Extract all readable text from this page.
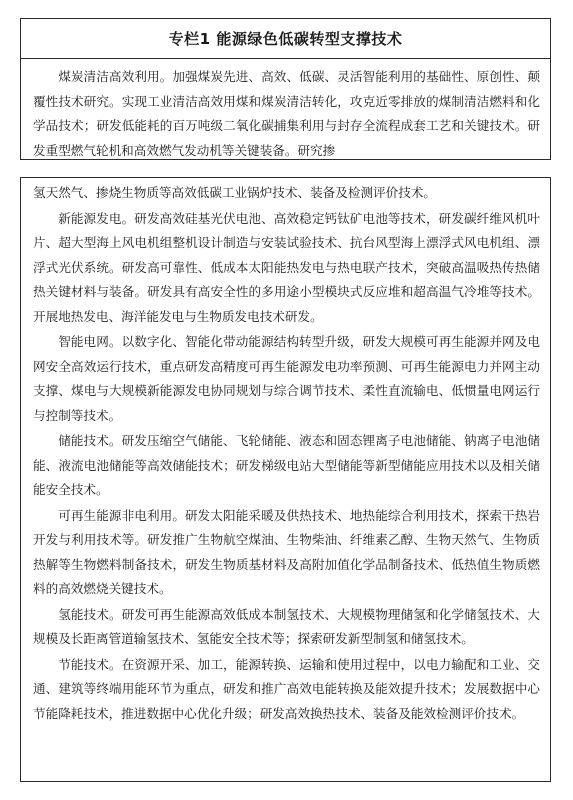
专栏1 能源绿色低碳转型支撑技术

煤炭清洁高效利用。加强煤炭先进、高效、低碳、灵活智能利用的基础性、原创性、颠覆性技术研究。实现工业清洁高效用煤和煤炭清洁转化，攻克近零排放的煤制清洁燃料和化学品技术；研发低能耗的百万吨级二氧化碳捕集利用与封存全流程成套工艺和关键技术。研发重型燃气轮机和高效燃气发动机等关键装备。研究掺

氢天然气、掺烧生物质等高效低碳工业锅炉技术、装备及检测评价技术。

新能源发电。研发高效硅基光伏电池、高效稳定钙钛矿电池等技术，研发碳纤维风机叶片、超大型海上风电机组整机设计制造与安装试验技术、抗台风型海上漂浮式风电机组、漂浮式光伏系统。研发高可靠性、低成本太阳能热发电与热电联产技术，突破高温吸热传热储热关键材料与装备。研发具有高安全性的多用途小型模块式反应堆和超高温气冷堆等技术。开展地热发电、海洋能发电与生物质发电技术研发。

智能电网。以数字化、智能化带动能源结构转型升级，研发大规模可再生能源并网及电网安全高效运行技术，重点研发高精度可再生能源发电功率预测、可再生能源电力并网主动支撑、煤电与大规模新能源发电协同规划与综合调节技术、柔性直流输电、低惯量电网运行与控制等技术。

储能技术。研发压缩空气储能、飞轮储能、液态和固态锂离子电池储能、钠离子电池储能、液流电池储能等高效储能技术；研发梯级电站大型储能等新型储能应用技术以及相关储能安全技术。

可再生能源非电利用。研发太阳能采暖及供热技术、地热能综合利用技术，探索干热岩开发与利用技术等。研发推广生物航空煤油、生物柴油、纤维素乙醇、生物天然气、生物质热解等生物燃料制备技术，研发生物质基材料及高附加值化学品制备技术、低热值生物质燃料的高效燃烧关键技术。

氢能技术。研发可再生能源高效低成本制氢技术、大规模物理储氢和化学储氢技术、大规模及长距离管道输氢技术、氢能安全技术等；探索研发新型制氢和储氢技术。

节能技术。在资源开采、加工，能源转换、运输和使用过程中，以电力输配和工业、交通、建筑等终端用能环节为重点，研发和推广高效电能转换及能效提升技术；发展数据中心节能降耗技术，推进数据中心优化升级；研发高效换热技术、装备及能效检测评价技术。
